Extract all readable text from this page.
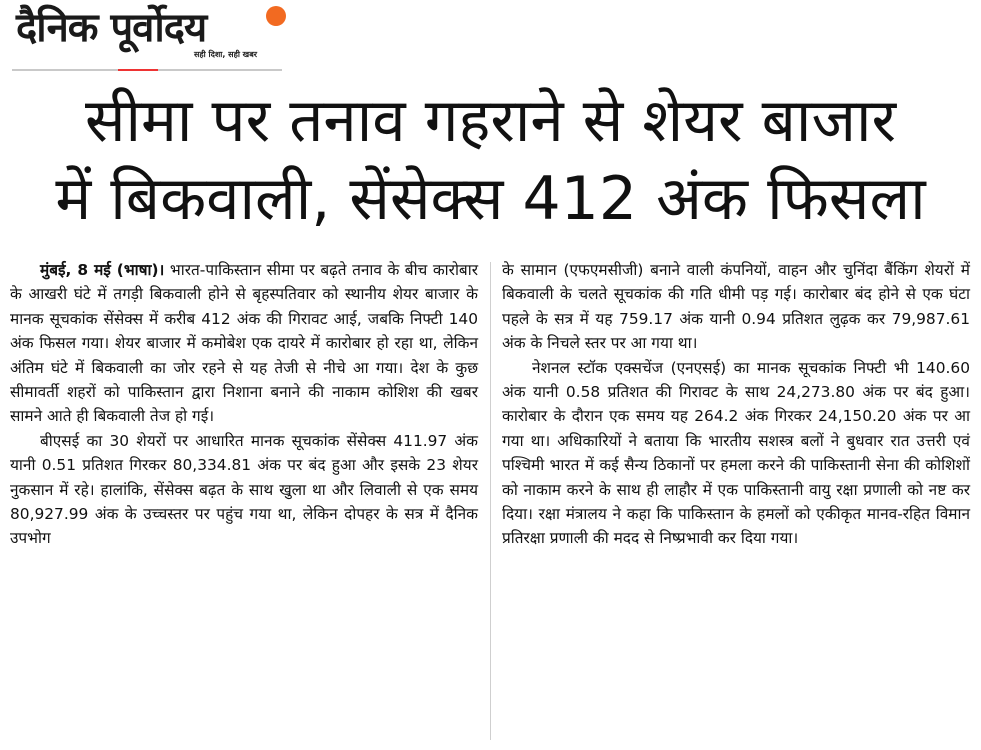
दैनिक पूर्वोदय
सही दिशा, सही खबर
सीमा पर तनाव गहराने से शेयर बाजार
में बिकवाली, सेंसेक्स 412 अंक फिसला

मुंबई, 8 मई (भाषा)। भारत-पाकिस्तान सीमा पर बढ़ते तनाव के बीच कारोबार के आखरी घंटे में तगड़ी बिकवाली होने से बृहस्पतिवार को स्थानीय शेयर बाजार के मानक सूचकांक सेंसेक्स में करीब 412 अंक की गिरावट आई, जबकि निफ्टी 140 अंक फिसल गया। शेयर बाजार में कमोबेश एक दायरे में कारोबार हो रहा था, लेकिन अंतिम घंटे में बिकवाली का जोर रहने से यह तेजी से नीचे आ गया। देश के कुछ सीमावर्ती शहरों को पाकिस्तान द्वारा निशाना बनाने की नाकाम कोशिश की खबर सामने आते ही बिकवाली तेज हो गई।

बीएसई का 30 शेयरों पर आधारित मानक सूचकांक सेंसेक्स 411.97 अंक यानी 0.51 प्रतिशत गिरकर 80,334.81 अंक पर बंद हुआ और इसके 23 शेयर नुकसान में रहे। हालांकि, सेंसेक्स बढ़त के साथ खुला था और लिवाली से एक समय 80,927.99 अंक के उच्चस्तर पर पहुंच गया था, लेकिन दोपहर के सत्र में दैनिक उपभोग

के सामान (एफएमसीजी) बनाने वाली कंपनियों, वाहन और चुनिंदा बैंकिंग शेयरों में बिकवाली के चलते सूचकांक की गति धीमी पड़ गई। कारोबार बंद होने से एक घंटा पहले के सत्र में यह 759.17 अंक यानी 0.94 प्रतिशत लुढ़क कर 79,987.61 अंक के निचले स्तर पर आ गया था।

नेशनल स्टॉक एक्सचेंज (एनएसई) का मानक सूचकांक निफ्टी भी 140.60 अंक यानी 0.58 प्रतिशत की गिरावट के साथ 24,273.80 अंक पर बंद हुआ। कारोबार के दौरान एक समय यह 264.2 अंक गिरकर 24,150.20 अंक पर आ गया था। अधिकारियों ने बताया कि भारतीय सशस्त्र बलों ने बुधवार रात उत्तरी एवं पश्चिमी भारत में कई सैन्य ठिकानों पर हमला करने की पाकिस्तानी सेना की कोशिशों को नाकाम करने के साथ ही लाहौर में एक पाकिस्तानी वायु रक्षा प्रणाली को नष्ट कर दिया। रक्षा मंत्रालय ने कहा कि पाकिस्तान के हमलों को एकीकृत मानव-रहित विमान प्रतिरक्षा प्रणाली की मदद से निष्प्रभावी कर दिया गया।
